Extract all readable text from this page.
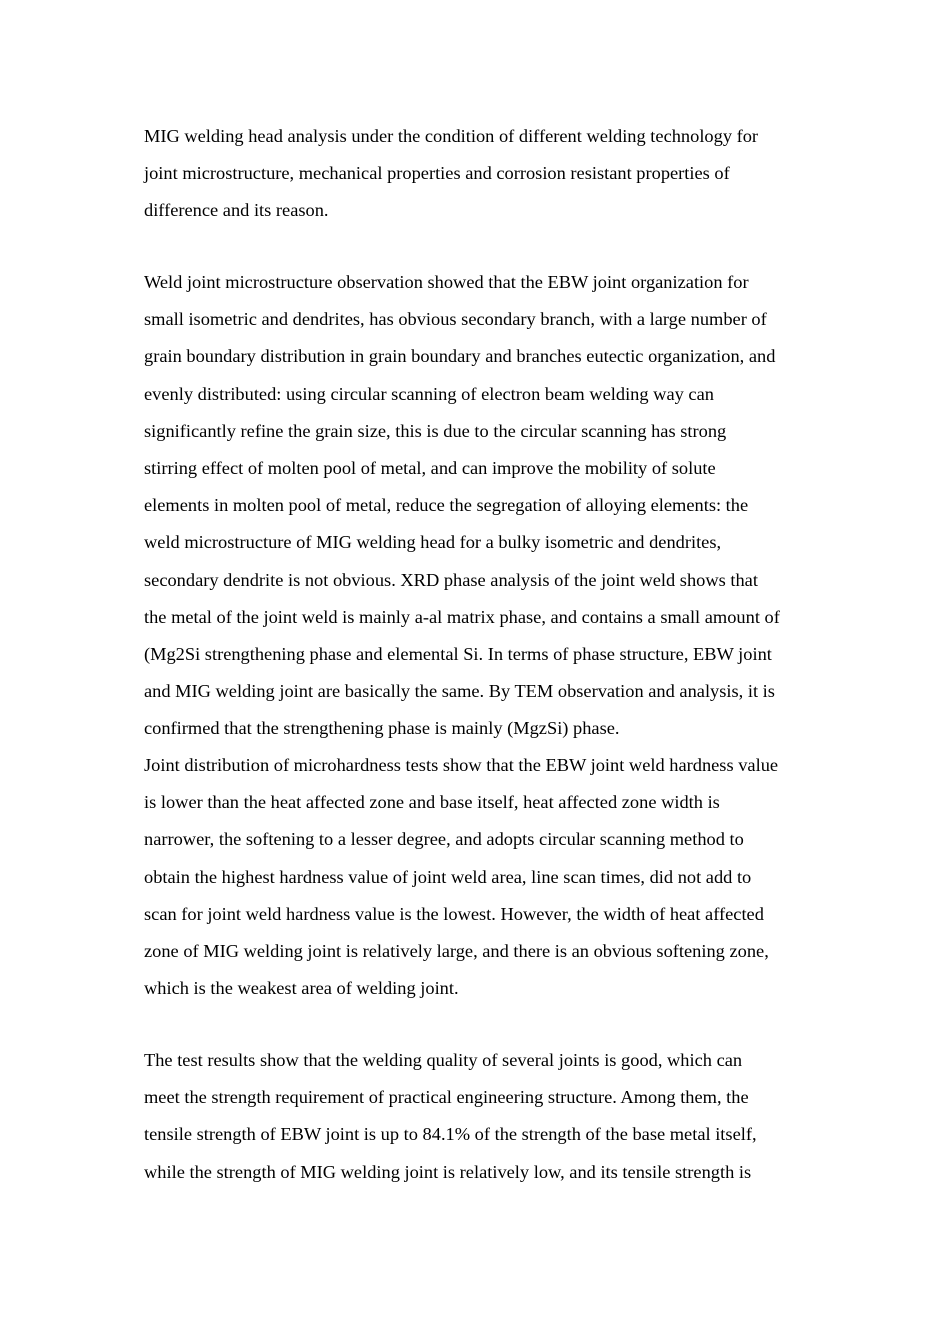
MIG welding head analysis under the condition of different welding technology for
joint microstructure, mechanical properties and corrosion resistant properties of
difference and its reason.

Weld joint microstructure observation showed that the EBW joint organization for
small isometric and dendrites, has obvious secondary branch, with a large number of
grain boundary distribution in grain boundary and branches eutectic organization, and
evenly distributed: using circular scanning of electron beam welding way can
significantly refine the grain size, this is due to the circular scanning has strong
stirring effect of molten pool of metal, and can improve the mobility of solute
elements in molten pool of metal, reduce the segregation of alloying elements: the
weld microstructure of MIG welding head for a bulky isometric and dendrites,
secondary dendrite is not obvious. XRD phase analysis of the joint weld shows that
the metal of the joint weld is mainly a-al matrix phase, and contains a small amount of
(Mg2Si strengthening phase and elemental Si. In terms of phase structure, EBW joint
and MIG welding joint are basically the same. By TEM observation and analysis, it is
confirmed that the strengthening phase is mainly (MgzSi) phase.

Joint distribution of microhardness tests show that the EBW joint weld hardness value
is lower than the heat affected zone and base itself, heat affected zone width is
narrower, the softening to a lesser degree, and adopts circular scanning method to
obtain the highest hardness value of joint weld area, line scan times, did not add to
scan for joint weld hardness value is the lowest. However, the width of heat affected
zone of MIG welding joint is relatively large, and there is an obvious softening zone,
which is the weakest area of welding joint.

The test results show that the welding quality of several joints is good, which can
meet the strength requirement of practical engineering structure. Among them, the
tensile strength of EBW joint is up to 84.1% of the strength of the base metal itself,
while the strength of MIG welding joint is relatively low, and its tensile strength is
